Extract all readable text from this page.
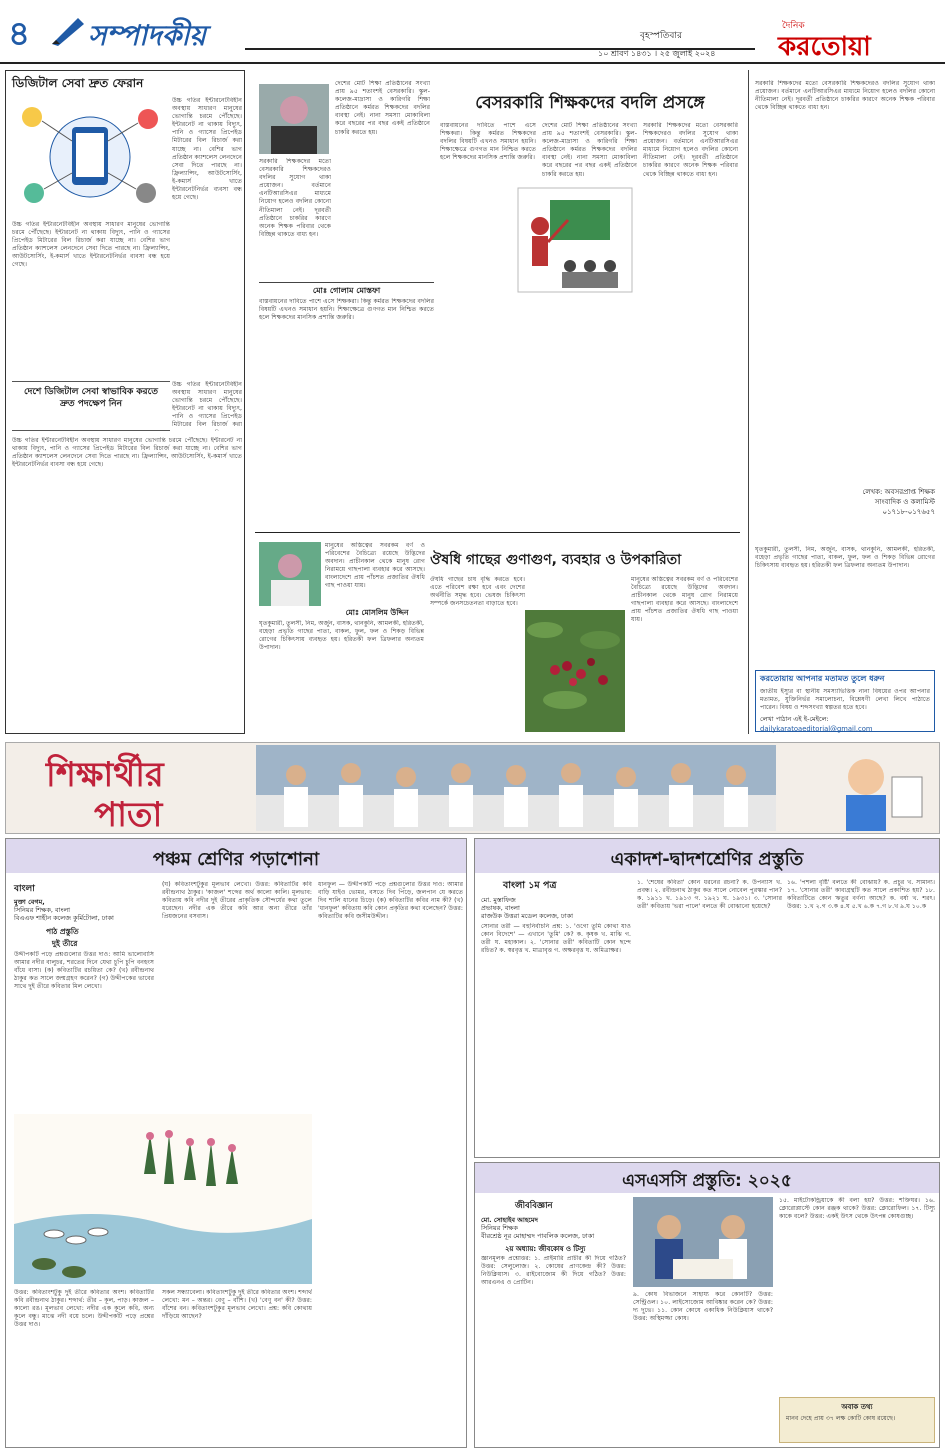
৪	সম্পাদকীয়	বৃহস্পতিবার
১০ শ্রাবণ ১৪৩১ । ২৫ জুলাই ২০২৪
দৈনিক
করতোয়া
ডিজিটাল সেবা দ্রুত ফেরান
উচ্চ গতির ইন্টারনেটবিহীন অবস্থায় সাধারণ মানুষের ভোগান্তি চরমে পৌঁছেছে। ইন্টারনেট না থাকায় বিদ্যুৎ, পানি ও গ্যাসের প্রিপেইড মিটারের বিল রিচার্জ করা যাচ্ছে না। বেশির ভাগ প্রতিষ্ঠান ক্যাশলেস লেনদেনে সেবা দিতে পারছে না। ফ্রিল্যান্সিং, আউটসোর্সিং, ই-কমার্স খাতে ইন্টারনেটনির্ভর ব্যবসা বন্ধ হয়ে গেছে।
উচ্চ গতির ইন্টারনেটবিহীন অবস্থায় সাধারণ মানুষের ভোগান্তি চরমে পৌঁছেছে। ইন্টারনেট না থাকায় বিদ্যুৎ, পানি ও গ্যাসের প্রিপেইড মিটারের বিল রিচার্জ করা যাচ্ছে না। বেশির ভাগ প্রতিষ্ঠান ক্যাশলেস লেনদেনে সেবা দিতে পারছে না। ফ্রিল্যান্সিং, আউটসোর্সিং, ই-কমার্স খাতে ইন্টারনেটনির্ভর ব্যবসা বন্ধ হয়ে গেছে।
দেশে ডিজিটাল সেবা স্বাভাবিক করতে দ্রুত পদক্ষেপ নিন
উচ্চ গতির ইন্টারনেটবিহীন অবস্থায় সাধারণ মানুষের ভোগান্তি চরমে পৌঁছেছে। ইন্টারনেট না থাকায় বিদ্যুৎ, পানি ও গ্যাসের প্রিপেইড মিটারের বিল রিচার্জ করা
উচ্চ গতির ইন্টারনেটবিহীন অবস্থায় সাধারণ মানুষের ভোগান্তি চরমে পৌঁছেছে। ইন্টারনেট না থাকায় বিদ্যুৎ, পানি ও গ্যাসের প্রিপেইড মিটারের বিল রিচার্জ করা যাচ্ছে না। বেশির ভাগ প্রতিষ্ঠান ক্যাশলেস লেনদেনে সেবা দিতে পারছে না। ফ্রিল্যান্সিং, আউটসোর্সিং, ই-কমার্স খাতে ইন্টারনেটনির্ভর ব্যবসা বন্ধ হয়ে গেছে।
বেসরকারি শিক্ষকদের বদলি প্রসঙ্গে
দেশের মোট শিক্ষা প্রতিষ্ঠানের সংখ্যা প্রায় ৯৫ শতাংশই বেসরকারি। স্কুল-কলেজ-মাদ্রাসা ও কারিগরি শিক্ষা প্রতিষ্ঠানে কর্মরত শিক্ষকদের বদলির ব্যবস্থা নেই। নানা সমস্যা মোকাবিলা করে বছরের পর বছর একই প্রতিষ্ঠানে চাকরি করতে হয়।
সরকারি শিক্ষকদের মতো বেসরকারি শিক্ষকদেরও বদলির সুযোগ থাকা প্রয়োজন। বর্তমানে এনটিআরসিএর মাধ্যমে নিয়োগ হলেও বদলির কোনো নীতিমালা নেই। দূরবর্তী প্রতিষ্ঠানে চাকরির কারণে অনেক শিক্ষক পরিবার থেকে বিচ্ছিন্ন থাকতে বাধ্য হন।
মোঃ গোলাম মোস্তফা
বাস্তবায়নের দাবিতে পাশে এসে শিক্ষকরা। কিন্তু কর্মরত শিক্ষকদের বদলির বিষয়টি এখনও সমাধান হয়নি। শিক্ষাক্ষেত্রে গুণগত মান নিশ্চিত করতে হলে শিক্ষকদের মানসিক প্রশান্তি জরুরি।
বাস্তবায়নের দাবিতে পাশে এসে শিক্ষকরা। কিন্তু কর্মরত শিক্ষকদের বদলির বিষয়টি এখনও সমাধান হয়নি। শিক্ষাক্ষেত্রে গুণগত মান নিশ্চিত করতে হলে শিক্ষকদের মানসিক প্রশান্তি জরুরি।
দেশের মোট শিক্ষা প্রতিষ্ঠানের সংখ্যা প্রায় ৯৫ শতাংশই বেসরকারি। স্কুল-কলেজ-মাদ্রাসা ও কারিগরি শিক্ষা প্রতিষ্ঠানে কর্মরত শিক্ষকদের বদলির ব্যবস্থা নেই। নানা সমস্যা মোকাবিলা করে বছরের পর বছর একই প্রতিষ্ঠানে চাকরি করতে হয়।
সরকারি শিক্ষকদের মতো বেসরকারি শিক্ষকদেরও বদলির সুযোগ থাকা প্রয়োজন। বর্তমানে এনটিআরসিএর মাধ্যমে নিয়োগ হলেও বদলির কোনো নীতিমালা নেই। দূরবর্তী প্রতিষ্ঠানে চাকরির কারণে অনেক শিক্ষক পরিবার থেকে বিচ্ছিন্ন থাকতে বাধ্য হন।
সরকারি শিক্ষকদের মতো বেসরকারি শিক্ষকদেরও বদলির সুযোগ থাকা প্রয়োজন। বর্তমানে এনটিআরসিএর মাধ্যমে নিয়োগ হলেও বদলির কোনো নীতিমালা নেই। দূরবর্তী প্রতিষ্ঠানে চাকরির কারণে অনেক শিক্ষক পরিবার থেকে বিচ্ছিন্ন থাকতে বাধ্য হন।
লেখক: অবসরপ্রাপ্ত শিক্ষক
সাংবাদিক ও কলামিস্ট
০১৭১৮-০১৭৬৫৭
ঔষধি গাছের গুণাগুণ, ব্যবহার ও উপকারিতা
মানুষের অস্তিত্বের সবরকম বর্ণ ও পরিবেশের বৈচিত্র্যে রয়েছে উদ্ভিদের অবদান। প্রাচীনকাল থেকে মানুষ রোগ নিরাময়ে গাছপালা ব্যবহার করে আসছে। বাংলাদেশে প্রায় পাঁচশত প্রজাতির ঔষধি গাছ পাওয়া যায়।
মোঃ মোসলিম উদ্দিন
ঘৃতকুমারী, তুলসী, নিম, অর্জুন, বাসক, থানকুনি, আমলকী, হরিতকী, বহেড়া প্রভৃতি গাছের পাতা, বাকল, ফুল, ফল ও শিকড় বিভিন্ন রোগের চিকিৎসায় ব্যবহৃত হয়। হরিতকী ফল ত্রিফলার অন্যতম উপাদান।
ঔষধি গাছের চাষ বৃদ্ধি করতে হবে। এতে পরিবেশ রক্ষা হবে এবং দেশের অর্থনীতি সমৃদ্ধ হবে। ভেষজ চিকিৎসা সম্পর্কে জনসচেতনতা বাড়াতে হবে।
মানুষের অস্তিত্বের সবরকম বর্ণ ও পরিবেশের বৈচিত্র্যে রয়েছে উদ্ভিদের অবদান। প্রাচীনকাল থেকে মানুষ রোগ নিরাময়ে গাছপালা ব্যবহার করে আসছে। বাংলাদেশে প্রায় পাঁচশত প্রজাতির ঔষধি গাছ পাওয়া যায়।
ঘৃতকুমারী, তুলসী, নিম, অর্জুন, বাসক, থানকুনি, আমলকী, হরিতকী, বহেড়া প্রভৃতি গাছের পাতা, বাকল, ফুল, ফল ও শিকড় বিভিন্ন রোগের চিকিৎসায় ব্যবহৃত হয়। হরিতকী ফল ত্রিফলার অন্যতম উপাদান।
করতোয়ায় আপনার মতামত তুলে ধরুন
জাতীয় ইস্যুর বা স্থানীয় সমস্যাভিত্তিক নানা বিষয়ের ওপর আপনার মতামত, যুক্তিনির্ভর সমালোচনা, বিশ্লেষণী লেখা লিখে পাঠাতে পারেন। বিষয় ও শব্দসংখ্যা স্বল্পতর হতে হবে।
লেখা পাঠান এই ই-মেইলে:
dailykaratoaeditorial@gmail.com
শিক্ষার্থীর
পাতা
পঞ্চম শ্রেণির পড়াশোনা
বাংলা
মুক্তা বেগম,
সিনিয়র শিক্ষক, বাংলা
বিএএফ শাহীন কলেজ কুর্মিটোলা, ঢাকা
পাঠ প্রস্তুতি
দুই তীরে
উদ্দীপকটি পড়ে প্রশ্নগুলোর উত্তর দাও: আমি ভালোবাসি আমার নদীর বালুচর, শরতের দিনে যেথা চুপি চুপি বনহংস বাঁধে বাসা। (ক) কবিতাটির রচয়িতা কে? (খ) রবীন্দ্রনাথ ঠাকুর কত সালে জন্মগ্রহণ করেন? (গ) উদ্দীপকের ভাবের সাথে দুই তীরে কবিতার মিল লেখো।
(ঘ) কবিতাংশটুকুর মূলভাব লেখো। উত্তর: কবিতাটির কবি রবীন্দ্রনাথ ঠাকুর। 'কাজল' শব্দের অর্থ কালো কালি। মূলভাব: কবিতায় কবি নদীর দুই তীরের প্রাকৃতিক সৌন্দর্যের কথা তুলে ধরেছেন। নদীর এক তীরে কবি আর অন্য তীরে তাঁর প্রিয়জনের বসবাস।
ধানফুল — উদ্দীপকটি পড়ে প্রশ্নগুলোর উত্তর দাও: আমার বাড়ি যাইও ভোমর, বসতে দিব পিঁড়ে, জলপান যে করতে দিব শালি ধানের চিড়ে। (ক) কবিতাটির কবির নাম কী? (খ) 'ধানফুল' কবিতায় কবি কোন প্রকৃতির কথা বলেছেন? উত্তর: কবিতাটির কবি জসীমউদ্দীন।
উত্তর: কবিতাংশটুকু দুই তীরে কবিতার অংশ। কবিতাটির কবি রবীন্দ্রনাথ ঠাকুর। শব্দার্থ: তীর – কূল, পাড়। কাজল – কালো রঙ। মূলভাব লেখো: নদীর এক কূলে কবি, অন্য কূলে বন্ধু। মাঝে নদী বয়ে চলে। উদ্দীপকটি পড়ে প্রশ্নের উত্তর দাও।
সকল সন্ধ্যাবেলা। কবিতাংশটুকু দুই তীরে কবিতার অংশ। শব্দার্থ লেখো: মন – অন্তর। বেণু – বাঁশি। (খ) 'বেণু বন' কী? উত্তর: বাঁশের বন। কবিতাংশটুকুর মূলভাব লেখো। প্রশ্ন: কবি কোথায় দাঁড়িয়ে আছেন?
একাদশ-দ্বাদশশ্রেণির প্রস্তুতি
বাংলা ১ম পত্র
মো. মুস্তাফিজ
প্রভাষক, বাংলা
রাজউক উত্তরা মডেল কলেজ, ঢাকা
সোনার তরী — বহুনির্বাচনি প্রশ্ন: ১. 'ওগো তুমি কোথা যাও কোন বিদেশে' — এখানে 'তুমি' কে? ক. কৃষক খ. মাঝি গ. তরী ঘ. মহাকাল। ২. 'সোনার তরী' কবিতাটি কোন ছন্দে রচিত? ক. স্বরবৃত্ত খ. মাত্রাবৃত্ত গ. অক্ষরবৃত্ত ঘ. অমিত্রাক্ষর।
১. 'শেষের কবিতা' কোন ধরনের রচনা? ক. উপন্যাস খ. প্রবন্ধ। ২. রবীন্দ্রনাথ ঠাকুর কত সালে নোবেল পুরস্কার পান? ক. ১৯১১ খ. ১৯১৩ গ. ১৯২১ ঘ. ১৯৩১। ৩. 'সোনার তরী' কবিতায় 'ভরা পালে' বলতে কী বোঝানো হয়েছে?
১৬. 'পশলা বৃষ্টি' বলতে কী বোঝায়? ক. প্রচুর খ. সামান্য। ১৭. 'সোনার তরী' কাব্যগ্রন্থটি কত সালে প্রকাশিত হয়? ১৮. কবিতাটিতে কোন ঋতুর বর্ণনা আছে? ক. বর্ষা খ. শরৎ। উত্তর: ১.খ ২.গ ৩.ক ৪.ঘ ৫.খ ৬.ক ৭.গ ৮.খ ৯.ঘ ১০.ক
এসএসসি প্রস্তুতি: ২০২৫
জীববিজ্ঞান
মো. সোহাইব আহমেদ
সিনিয়র শিক্ষক
বীরশ্রেষ্ঠ নূর মোহাম্মদ পাবলিক কলেজ, ঢাকা
২য় অধ্যায়: জীবকোষ ও টিস্যু
জ্ঞানমূলক প্রশ্নোত্তর: ১. প্রাইমারি প্রাচীর কী দিয়ে গঠিত? উত্তর: সেলুলোজ। ২. কোষের প্রাণকেন্দ্র কী? উত্তর: নিউক্লিয়াস। ৩. রাইবোজোম কী দিয়ে গঠিত? উত্তর: আরএনএ ও প্রোটিন।
৯. কোষ বিভাজনে সাহায্য করে কোনটি? উত্তর: সেন্ট্রিওল। ১০. লাইসোজোম আবিষ্কার করেন কে? উত্তর: দ্য দুভে। ১১. কোন কোষে একাধিক নিউক্লিয়াস থাকে? উত্তর: অস্থিমজ্জা কোষ।
১৫. মাইটোকন্ড্রিয়াকে কী বলা হয়? উত্তর: শক্তিঘর। ১৬. ক্লোরোপ্লাস্টে কোন রঞ্জক থাকে? উত্তর: ক্লোরোফিল। ১৭. টিস্যু কাকে বলে? উত্তর: একই উৎস থেকে উৎপন্ন কোষগুচ্ছ।
অবাক তথ্য
মানব দেহে প্রায় ৩৭ লক্ষ কোটি কোষ রয়েছে।
